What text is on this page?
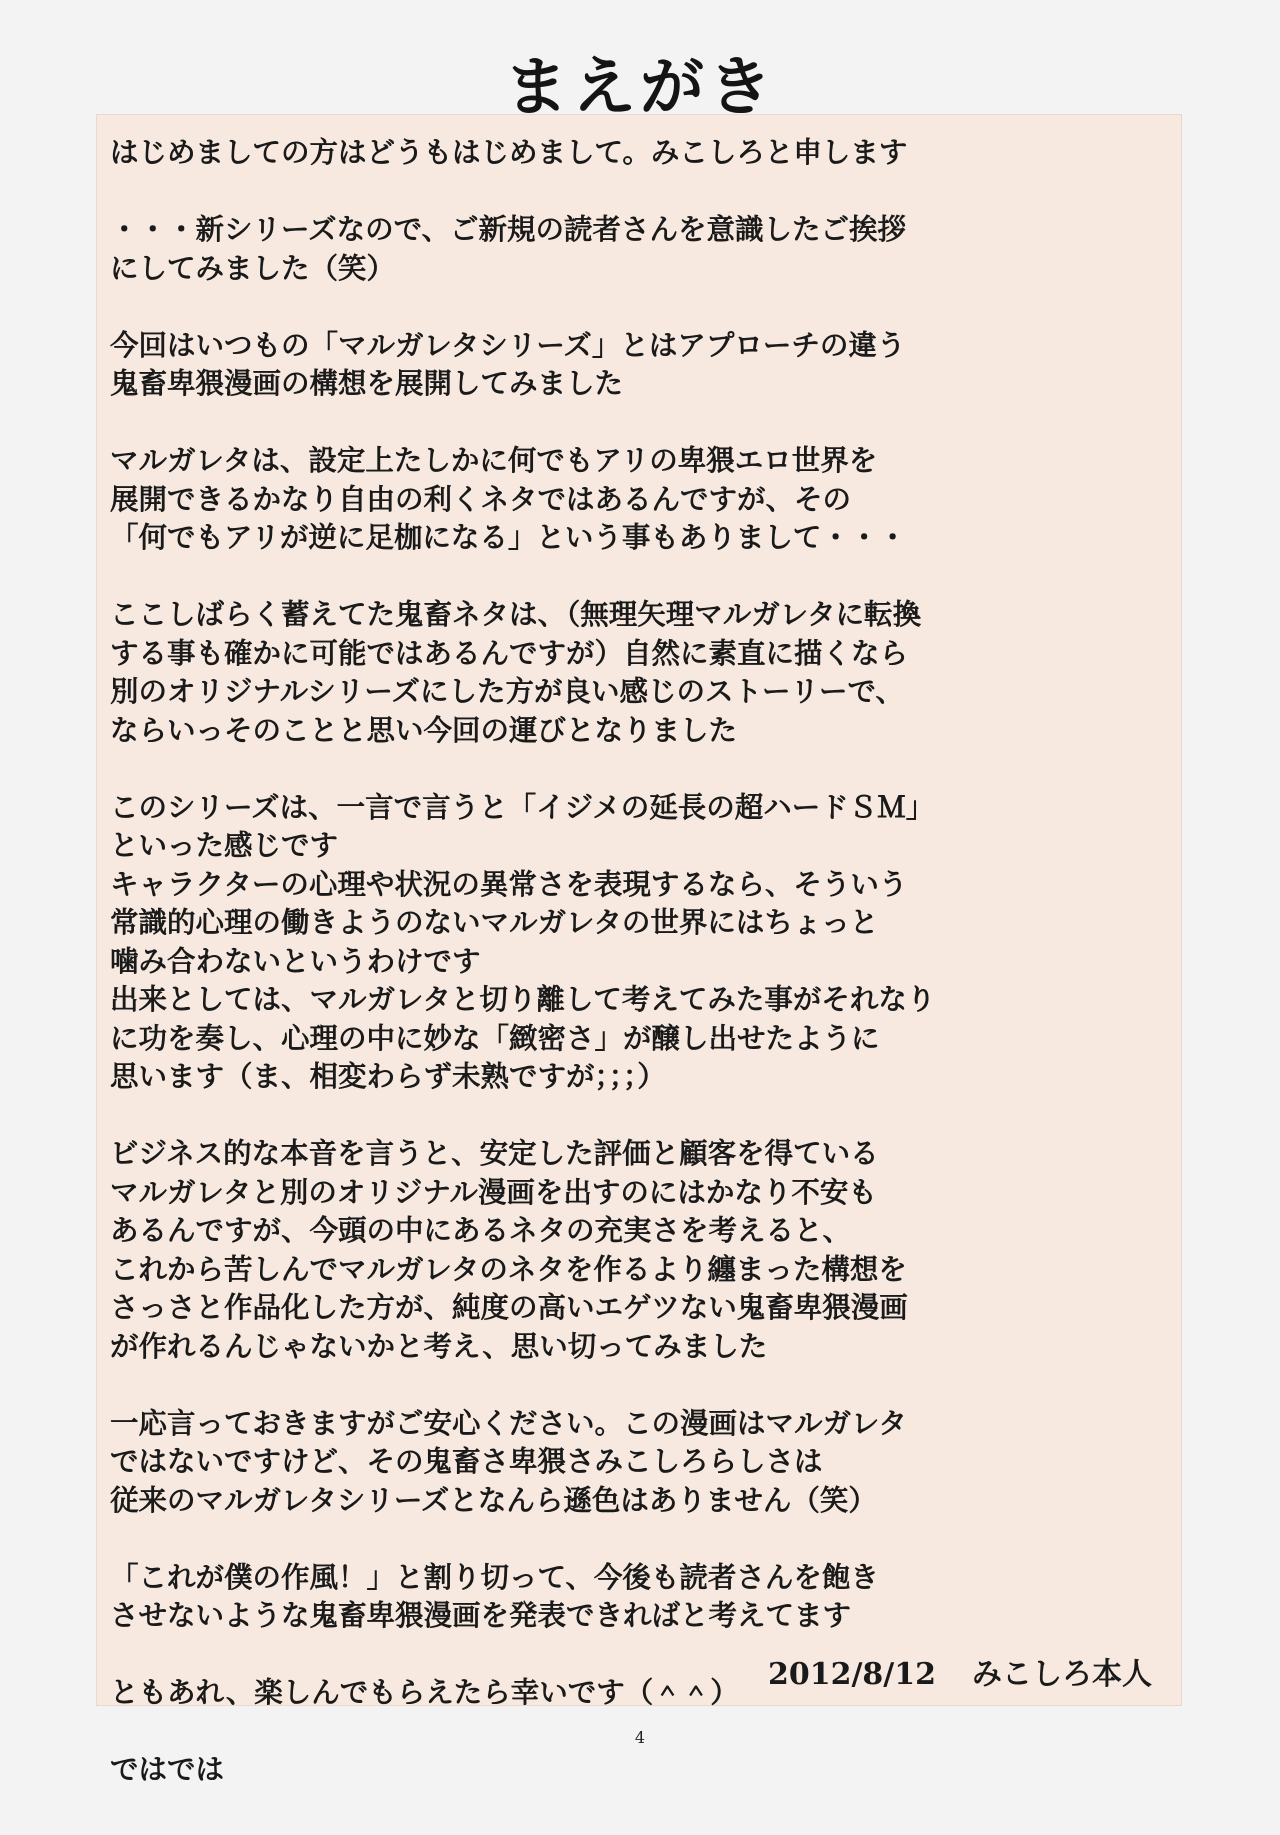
まえがき
はじめましての方はどうもはじめまして。みこしろと申します
・・・新シリーズなので、ご新規の読者さんを意識したご挨拶
にしてみました（笑）
今回はいつもの「マルガレタシリーズ」とはアプローチの違う
鬼畜卑猥漫画の構想を展開してみました
マルガレタは、設定上たしかに何でもアリの卑猥エロ世界を
展開できるかなり自由の利くネタではあるんですが、その
「何でもアリが逆に足枷になる」という事もありまして・・・
ここしばらく蓄えてた鬼畜ネタは、（無理矢理マルガレタに転換
する事も確かに可能ではあるんですが）自然に素直に描くなら
別のオリジナルシリーズにした方が良い感じのストーリーで、
ならいっそのことと思い今回の運びとなりました
このシリーズは、一言で言うと「イジメの延長の超ハードＳＭ」
といった感じです
キャラクターの心理や状況の異常さを表現するなら、そういう
常識的心理の働きようのないマルガレタの世界にはちょっと
噛み合わないというわけです
出来としては、マルガレタと切り離して考えてみた事がそれなり
に功を奏し、心理の中に妙な「緻密さ」が醸し出せたように
思います（ま、相変わらず未熟ですが；；；）
ビジネス的な本音を言うと、安定した評価と顧客を得ている
マルガレタと別のオリジナル漫画を出すのにはかなり不安も
あるんですが、今頭の中にあるネタの充実さを考えると、
これから苦しんでマルガレタのネタを作るより纏まった構想を
さっさと作品化した方が、純度の高いエゲツない鬼畜卑猥漫画
が作れるんじゃないかと考え、思い切ってみました
一応言っておきますがご安心ください。この漫画はマルガレタ
ではないですけど、その鬼畜さ卑猥さみこしろらしさは
従来のマルガレタシリーズとなんら遜色はありません（笑）
「これが僕の作風！」と割り切って、今後も読者さんを飽き
させないような鬼畜卑猥漫画を発表できればと考えてます
ともあれ、楽しんでもらえたら幸いです（＾＾）
ではでは
2012/8/12 みこしろ本人
4
